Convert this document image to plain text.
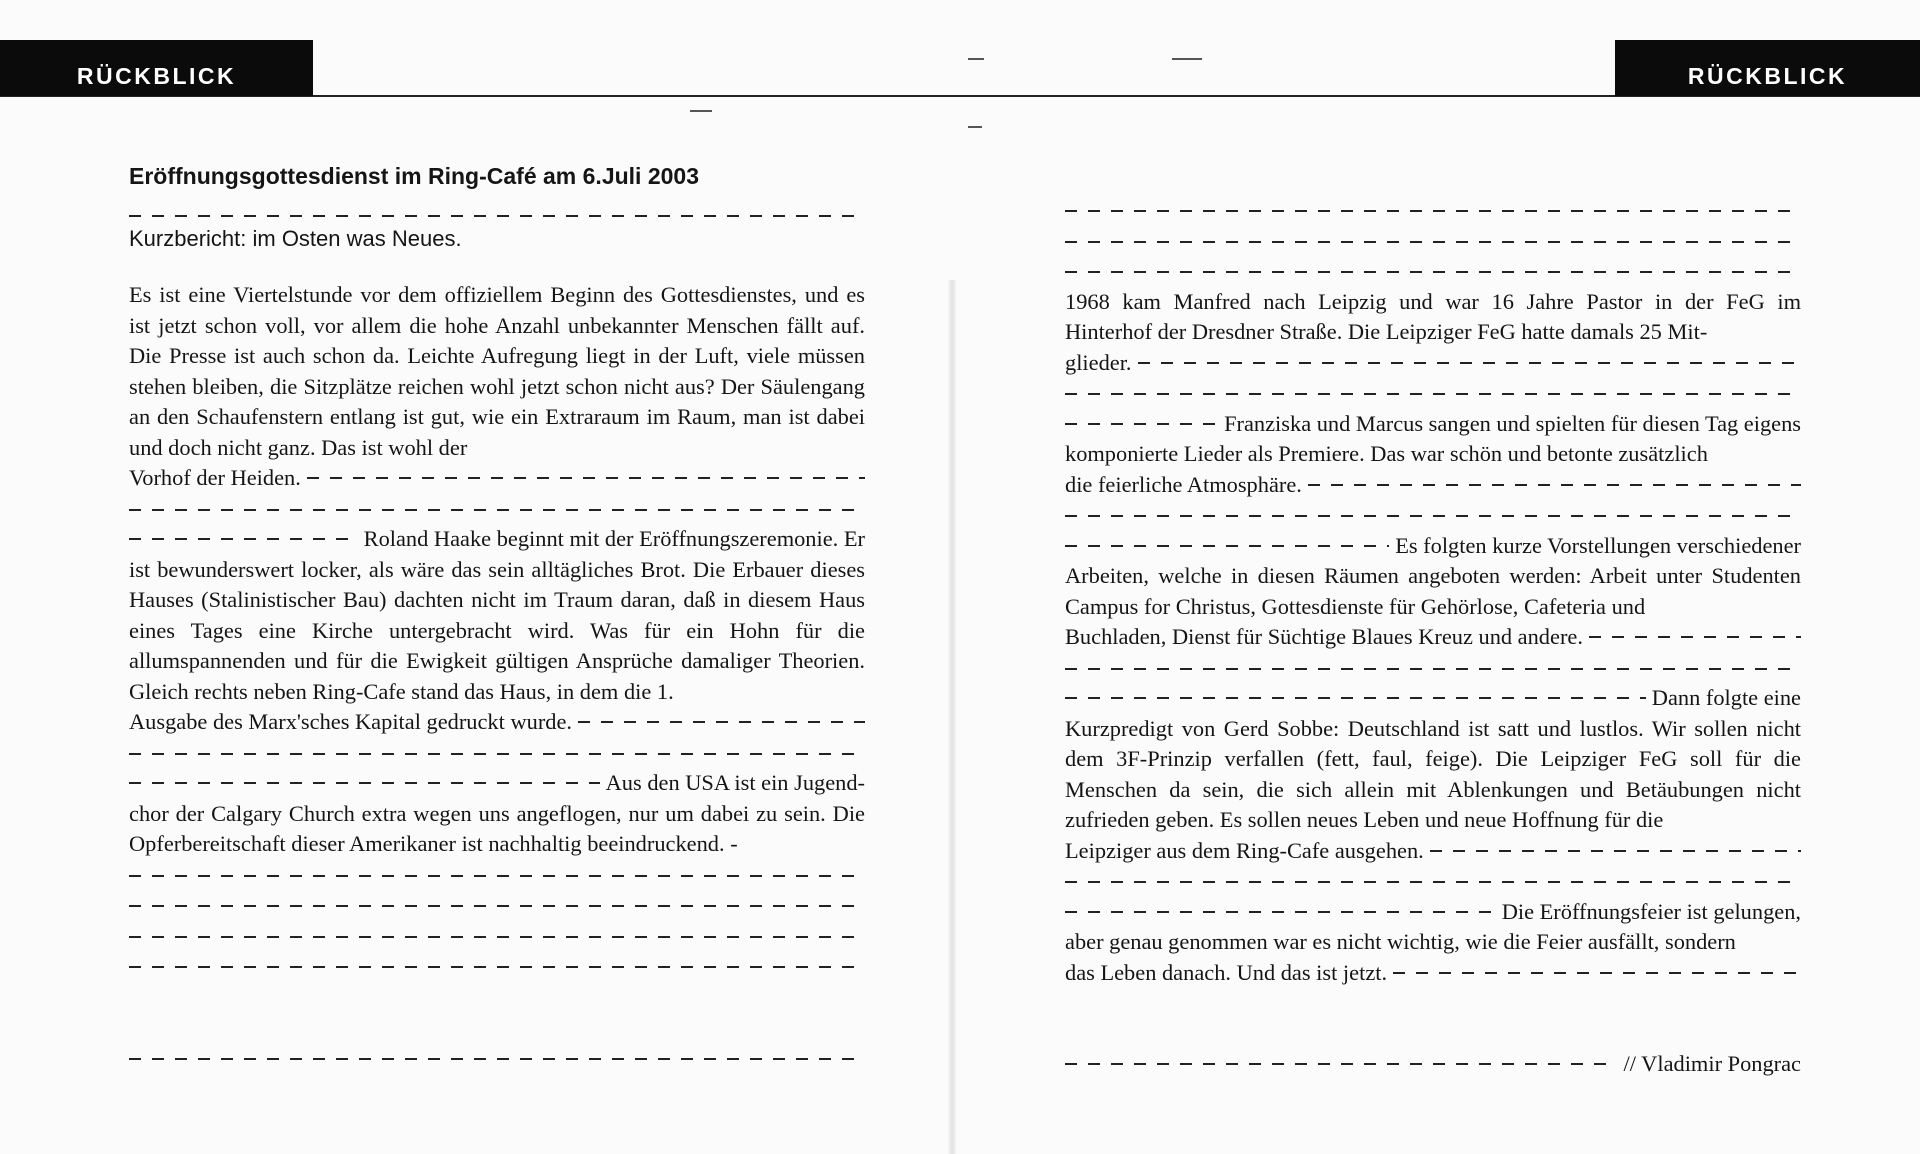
RÜCKBLICK	RÜCKBLICK
Eröffnungsgottesdienst im Ring-Café am 6.Juli 2003
Kurzbericht: im Osten was Neues.

Es ist eine Viertelstunde vor dem offiziellem Beginn des Gottesdienstes, und es ist jetzt schon voll, vor allem die hohe Anzahl unbekannter Menschen fällt auf. Die Presse ist auch schon da. Leichte Aufregung liegt in der Luft, viele müssen stehen bleiben, die Sitzplätze reichen wohl jetzt schon nicht aus? Der Säulengang an den Schaufenstern entlang ist gut, wie ein Extraraum im Raum, man ist dabei und doch nicht ganz. Das ist wohl der

Vorhof der Heiden.
Roland Haake beginnt mit der Eröffnungszeremonie. Er

ist bewunderswert locker, als wäre das sein alltägliches Brot. Die Erbauer dieses Hauses (Stalinistischer Bau) dachten nicht im Traum daran, daß in diesem Haus eines Tages eine Kirche untergebracht wird. Was für ein Hohn für die allumspannenden und für die Ewigkeit gültigen Ansprüche damaliger Theorien. Gleich rechts neben Ring-Cafe stand das Haus, in dem die 1.

Ausgabe des Marx'sches Kapital gedruckt wurde.
Aus den USA ist ein Jugend-

chor der Calgary Church extra wegen uns angeflogen, nur um dabei zu sein. Die Opferbereitschaft dieser Amerikaner ist nachhaltig beeindruckend. -

1968 kam Manfred nach Leipzig und war 16 Jahre Pastor in der FeG im Hinterhof der Dresdner Straße. Die Leipziger FeG hatte damals 25 Mit-

glieder.
Franziska und Marcus sangen und spielten für diesen Tag eigens

komponierte Lieder als Premiere. Das war schön und betonte zusätzlich

die feierliche Atmosphäre.
Es folgten kurze Vorstellungen verschiedener

Arbeiten, welche in diesen Räumen angeboten werden: Arbeit unter Studenten Campus for Christus, Gottesdienste für Gehörlose, Cafeteria und

Buchladen, Dienst für Süchtige Blaues Kreuz und andere.
Dann folgte eine

Kurzpredigt von Gerd Sobbe: Deutschland ist satt und lustlos. Wir sollen nicht dem 3F-Prinzip verfallen (fett, faul, feige). Die Leipziger FeG soll für die Menschen da sein, die sich allein mit Ablenkungen und Betäubungen nicht zufrieden geben. Es sollen neues Leben und neue Hoffnung für die

Leipziger aus dem Ring-Cafe ausgehen.
Die Eröffnungsfeier ist gelungen,

aber genau genommen war es nicht wichtig, wie die Feier ausfällt, sondern

das Leben danach. Und das ist jetzt.
// Vladimir Pongrac
